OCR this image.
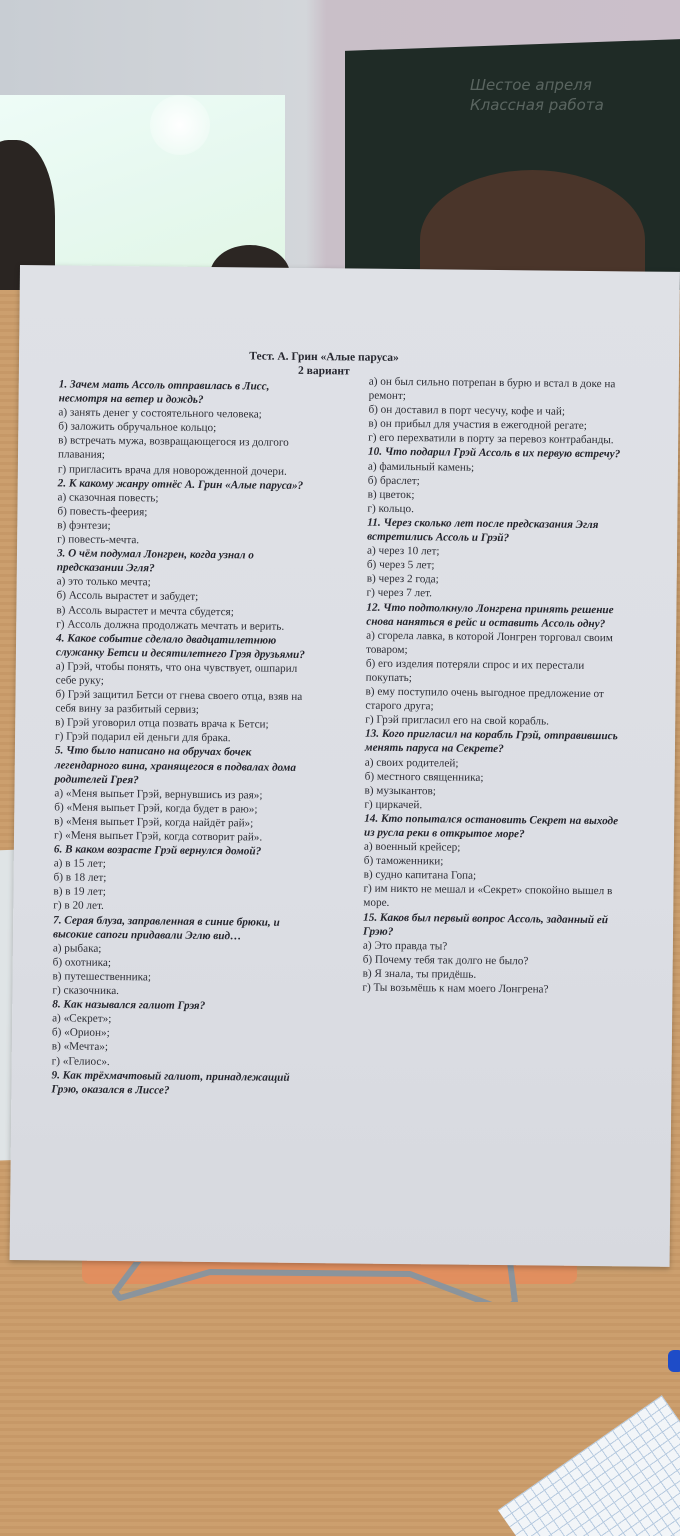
Шестое апреля
Классная работа
Тест. А. Грин «Алые паруса»
2 вариант
1. Зачем мать Ассоль отправилась в Лисс, несмотря на ветер и дождь?
а) занять денег у состоятельного человека;
б) заложить обручальное кольцо;
в) встречать мужа, возвращающегося из долгого плавания;
г) пригласить врача для новорожденной дочери.
2. К какому жанру отнёс А. Грин «Алые паруса»?
а) сказочная повесть;
б) повесть-феерия;
в) фэнтези;
г) повесть-мечта.
3. О чём подумал Лонгрен, когда узнал о предсказании Эгля?
а) это только мечта;
б) Ассоль вырастет и забудет;
в) Ассоль вырастет и мечта сбудется;
г) Ассоль должна продолжать мечтать и верить.
4. Какое событие сделало двадцатилетнюю служанку Бетси и десятилетнего Грэя друзьями?
а) Грэй, чтобы понять, что она чувствует, ошпарил себе руку;
б) Грэй защитил Бетси от гнева своего отца, взяв на себя вину за разбитый сервиз;
в) Грэй уговорил отца позвать врача к Бетси;
г) Грэй подарил ей деньги для брака.
5. Что было написано на обручах бочек легендарного вина, хранящегося в подвалах дома родителей Грея?
а) «Меня выпьет Грэй, вернувшись из рая»;
б) «Меня выпьет Грэй, когда будет в раю»;
в) «Меня выпьет Грэй, когда найдёт рай»;
г) «Меня выпьет Грэй, когда сотворит рай».
6. В каком возрасте Грэй вернулся домой?
а) в 15 лет;
б) в 18 лет;
в) в 19 лет;
г) в 20 лет.
7. Серая блуза, заправленная в синие брюки, и высокие сапоги придавали Эглю вид…
а) рыбака;
б) охотника;
в) путешественника;
г) сказочника.
8. Как назывался галиот Грэя?
а) «Секрет»;
б) «Орион»;
в) «Мечта»;
г) «Гелиос».
9. Как трёхмачтовый галиот, принадлежащий Грэю, оказался в Лиссе?
а) он был сильно потрепан в бурю и встал в доке на ремонт;
б) он доставил в порт чесучу, кофе и чай;
в) он прибыл для участия в ежегодной регате;
г) его перехватили в порту за перевоз контрабанды.
10. Что подарил Грэй Ассоль в их первую встречу?
а) фамильный камень;
б) браслет;
в) цветок;
г) кольцо.
11. Через сколько лет после предсказания Эгля встретились Ассоль и Грэй?
а) через 10 лет;
б) через 5 лет;
в) через 2 года;
г) через 7 лет.
12. Что подтолкнуло Лонгрена принять решение снова наняться в рейс и оставить Ассоль одну?
а) сгорела лавка, в которой Лонгрен торговал своим товаром;
б) его изделия потеряли спрос и их перестали покупать;
в) ему поступило очень выгодное предложение от старого друга;
г) Грэй пригласил его на свой корабль.
13. Кого пригласил на корабль Грэй, отправившись менять паруса на Секрете?
а) своих родителей;
б) местного священника;
в) музыкантов;
г) циркачей.
14. Кто попытался остановить Секрет на выходе из русла реки в открытое море?
а) военный крейсер;
б) таможенники;
в) судно капитана Гопа;
г) им никто не мешал и «Секрет» спокойно вышел в море.
15. Каков был первый вопрос Ассоль, заданный ей Грэю?
а) Это правда ты?
б) Почему тебя так долго не было?
в) Я знала, ты придёшь.
г) Ты возьмёшь к нам моего Лонгрена?
